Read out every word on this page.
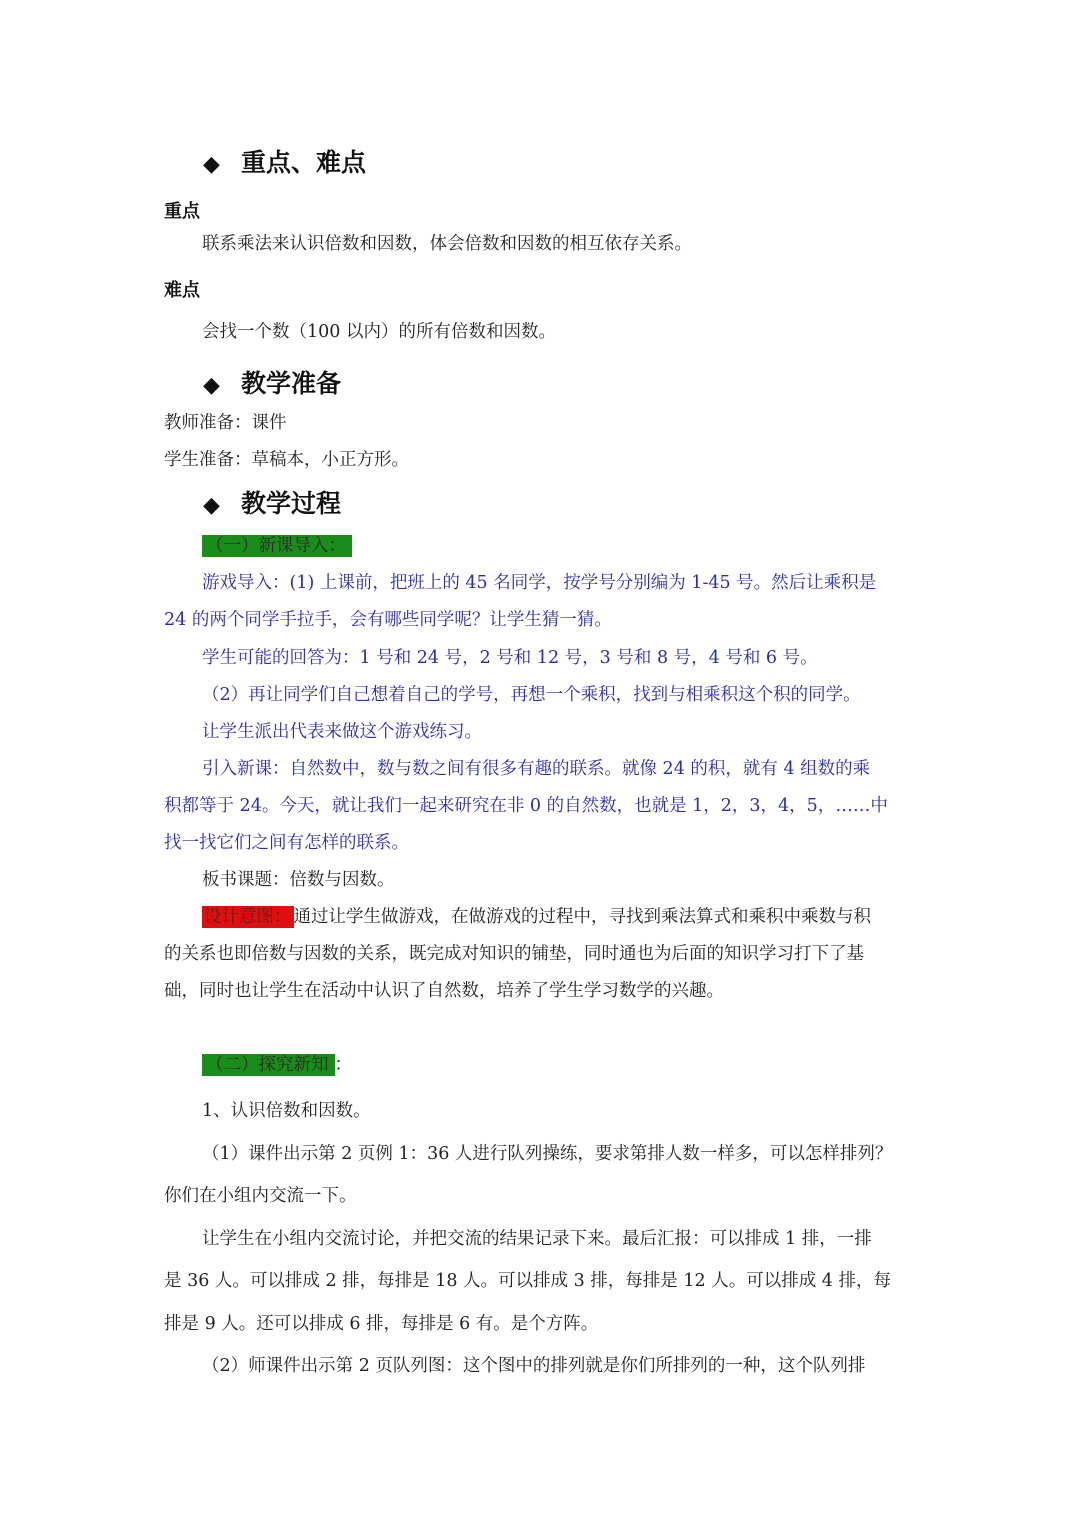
◆ 重点、难点
重点
联系乘法来认识倍数和因数，体会倍数和因数的相互依存关系。
难点
会找一个数（100 以内）的所有倍数和因数。
◆ 教学准备
教师准备：课件
学生准备：草稿本，小正方形。
◆ 教学过程
（一）新课导入：
游戏导入：(1) 上课前，把班上的 45 名同学，按学号分别编为 1-45 号。然后让乘积是
24 的两个同学手拉手，会有哪些同学呢？让学生猜一猜。
学生可能的回答为：1 号和 24 号，2 号和 12 号，3 号和 8 号，4 号和 6 号。
（2）再让同学们自己想着自己的学号，再想一个乘积，找到与相乘积这个积的同学。
让学生派出代表来做这个游戏练习。
引入新课：自然数中，数与数之间有很多有趣的联系。就像 24 的积，就有 4 组数的乘
积都等于 24。今天，就让我们一起来研究在非 0 的自然数，也就是 1，2，3，4，5，……中
找一找它们之间有怎样的联系。
板书课题：倍数与因数。
设计意图： 通过让学生做游戏，在做游戏的过程中，寻找到乘法算式和乘积中乘数与积
的关系也即倍数与因数的关系，既完成对知识的铺垫，同时通也为后面的知识学习打下了基
础，同时也让学生在活动中认识了自然数，培养了学生学习数学的兴趣。
（二）探究新知 ：
1、认识倍数和因数。
（1）课件出示第 2 页例 1：36 人进行队列操练，要求第排人数一样多，可以怎样排列？
你们在小组内交流一下。
让学生在小组内交流讨论，并把交流的结果记录下来。最后汇报：可以排成 1 排，一排
是 36 人。可以排成 2 排，每排是 18 人。可以排成 3 排，每排是 12 人。可以排成 4 排，每
排是 9 人。还可以排成 6 排，每排是 6 有。是个方阵。
（2）师课件出示第 2 页队列图：这个图中的排列就是你们所排列的一种，这个队列排
